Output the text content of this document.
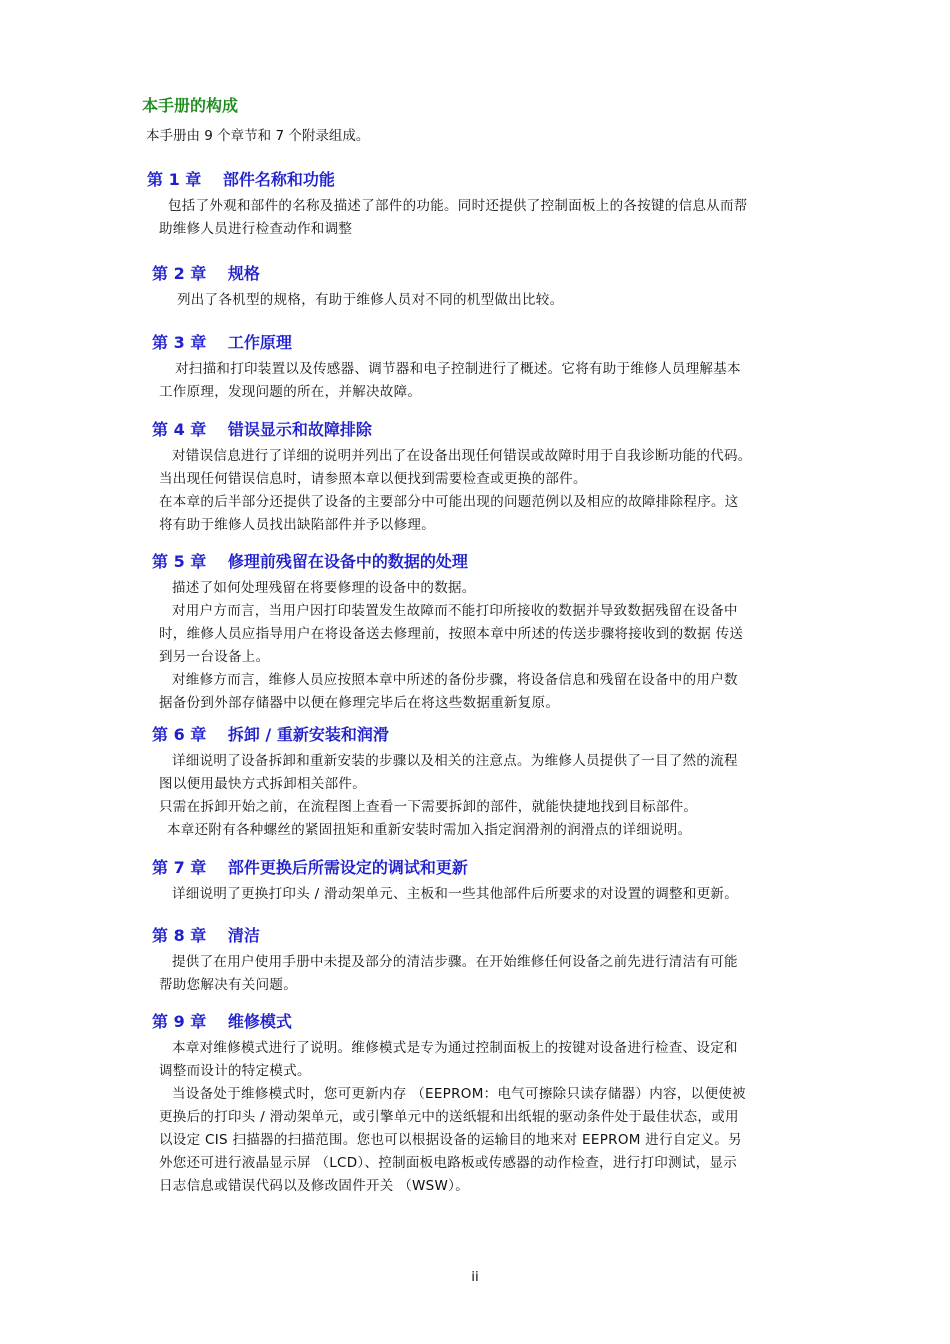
本手册的构成

本手册由 9 个章节和 7 个附录组成。

第 1 章　 部件名称和功能

包括了外观和部件的名称及描述了部件的功能。同时还提供了控制面板上的各按键的信息从而帮

助维修人员进行检查动作和调整

第 2 章　 规格

列出了各机型的规格，有助于维修人员对不同的机型做出比较。

第 3 章　 工作原理

对扫描和打印装置以及传感器、调节器和电子控制进行了概述。它将有助于维修人员理解基本

工作原理，发现问题的所在，并解决故障。

第 4 章　 错误显示和故障排除

对错误信息进行了详细的说明并列出了在设备出现任何错误或故障时用于自我诊断功能的代码。

当出现任何错误信息时，请参照本章以便找到需要检查或更换的部件。

在本章的后半部分还提供了设备的主要部分中可能出现的问题范例以及相应的故障排除程序。这

将有助于维修人员找出缺陷部件并予以修理。

第 5 章　 修理前残留在设备中的数据的处理

描述了如何处理残留在将要修理的设备中的数据。

对用户方而言，当用户因打印装置发生故障而不能打印所接收的数据并导致数据残留在设备中

时，维修人员应指导用户在将设备送去修理前，按照本章中所述的传送步骤将接收到的数据 传送

到另一台设备上。

对维修方而言，维修人员应按照本章中所述的备份步骤，将设备信息和残留在设备中的用户数

据备份到外部存储器中以便在修理完毕后在将这些数据重新复原。

第 6 章　 拆卸 / 重新安装和润滑

详细说明了设备拆卸和重新安装的步骤以及相关的注意点。为维修人员提供了一目了然的流程

图以便用最快方式拆卸相关部件。

只需在拆卸开始之前，在流程图上查看一下需要拆卸的部件，就能快捷地找到目标部件。

本章还附有各种螺丝的紧固扭矩和重新安装时需加入指定润滑剂的润滑点的详细说明。

第 7 章　 部件更换后所需设定的调试和更新

详细说明了更换打印头 / 滑动架单元、主板和一些其他部件后所要求的对设置的调整和更新。

第 8 章　 清洁

提供了在用户使用手册中未提及部分的清洁步骤。在开始维修任何设备之前先进行清洁有可能

帮助您解决有关问题。

第 9 章　 维修模式

本章对维修模式进行了说明。维修模式是专为通过控制面板上的按键对设备进行检查、设定和

调整而设计的特定模式。

当设备处于维修模式时，您可更新内存 （EEPROM：电气可擦除只读存储器）内容，以便使被

更换后的打印头 / 滑动架单元，或引擎单元中的送纸辊和出纸辊的驱动条件处于最佳状态，或用

以设定 CIS 扫描器的扫描范围。您也可以根据设备的运输目的地来对 EEPROM 进行自定义。另

外您还可进行液晶显示屏 （LCD）、控制面板电路板或传感器的动作检查，进行打印测试，显示

日志信息或错误代码以及修改固件开关 （WSW）。

ii
